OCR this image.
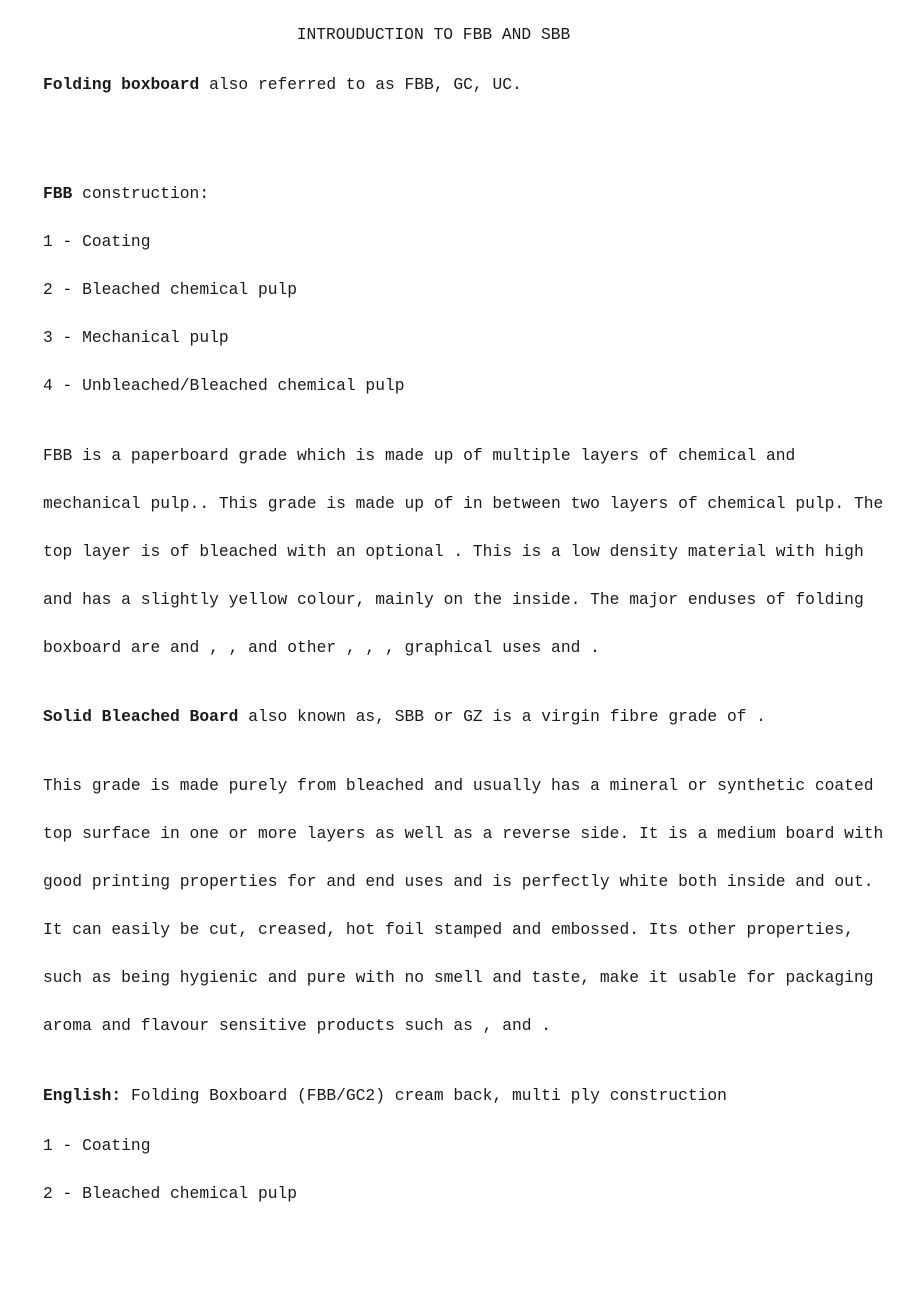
INTROUDUCTION TO FBB AND SBB
Folding boxboard also referred to as FBB, GC, UC.
FBB construction:
1 - Coating
2 - Bleached chemical pulp
3 - Mechanical pulp
4 - Unbleached/Bleached chemical pulp
FBB is a paperboard grade which is made up of multiple layers of chemical and
mechanical pulp.. This grade is made up of in between two layers of chemical pulp. The
top layer is of bleached with an optional . This is a low density material with high
and has a slightly yellow colour, mainly on the inside. The major enduses of folding
boxboard are and , , and other , , , graphical uses and .
Solid Bleached Board also known as, SBB or GZ is a virgin fibre grade of .
This grade is made purely from bleached and usually has a mineral or synthetic coated
top surface in one or more layers as well as a reverse side. It is a medium board with
good printing properties for and end uses and is perfectly white both inside and out.
It can easily be cut, creased, hot foil stamped and embossed. Its other properties,
such as being hygienic and pure with no smell and taste, make it usable for packaging
aroma and flavour sensitive products such as , and .
English: Folding Boxboard (FBB/GC2) cream back, multi ply construction
1 - Coating
2 - Bleached chemical pulp
